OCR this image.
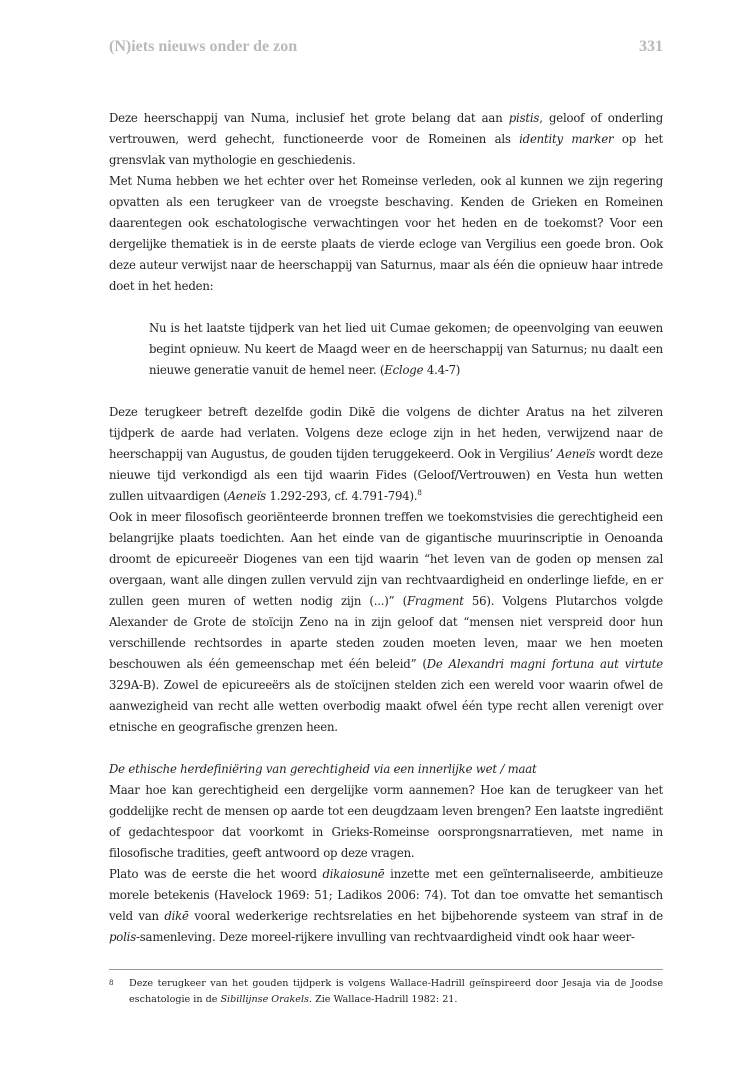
(N)iets nieuws onder de zon	331

Deze heerschappij van Numa, inclusief het grote belang dat aan pistis, geloof of onderling vertrouwen, werd gehecht, functioneerde voor de Romeinen als identity marker op het grensvlak van mythologie en geschiedenis.

Met Numa hebben we het echter over het Romeinse verleden, ook al kunnen we zijn regering opvatten als een terugkeer van de vroegste beschaving. Kenden de Grieken en Romeinen daarentegen ook eschatologische verwachtingen voor het heden en de toekomst? Voor een dergelijke thematiek is in de eerste plaats de vierde ecloge van Vergilius een goede bron. Ook deze auteur verwijst naar de heerschappij van Saturnus, maar als één die opnieuw haar intrede doet in het heden:

Nu is het laatste tijdperk van het lied uit Cumae gekomen; de opeenvolging van eeuwen begint opnieuw. Nu keert de Maagd weer en de heerschappij van Saturnus; nu daalt een nieuwe generatie vanuit de hemel neer. (Ecloge 4.4-7)

Deze terugkeer betreft dezelfde godin Dikē die volgens de dichter Aratus na het zilveren tijdperk de aarde had verlaten. Volgens deze ecloge zijn in het heden, verwijzend naar de heerschappij van Augustus, de gouden tijden teruggekeerd. Ook in Vergilius’ Aeneïs wordt deze nieuwe tijd verkondigd als een tijd waarin Fides (Geloof/Vertrouwen) en Vesta hun wetten zullen uitvaardigen (Aeneïs 1.292-293, cf. 4.791-794).$^8$

Ook in meer filosofisch georiënteerde bronnen treffen we toekomstvisies die gerechtigheid een belangrijke plaats toedichten. Aan het einde van de gigantische muurinscriptie in Oenoanda droomt de epicureeër Diogenes van een tijd waarin “het leven van de goden op mensen zal overgaan, want alle dingen zullen vervuld zijn van rechtvaardigheid en onderlinge liefde, en er zullen geen muren of wetten nodig zijn (...)” (Fragment 56). Volgens Plutarchos volgde Alexander de Grote de stoïcijn Zeno na in zijn geloof dat “mensen niet verspreid door hun verschillende rechtsordes in aparte steden zouden moeten leven, maar we hen moeten beschouwen als één gemeenschap met één beleid” (De Alexandri magni fortuna aut virtute 329A-B). Zowel de epicureeërs als de stoïcijnen stelden zich een wereld voor waarin ofwel de aanwezigheid van recht alle wetten overbodig maakt ofwel één type recht allen verenigt over etnische en geografische grenzen heen.

De ethische herdefiniëring van gerechtigheid via een innerlijke wet / maat

Maar hoe kan gerechtigheid een dergelijke vorm aannemen? Hoe kan de terugkeer van het goddelijke recht de mensen op aarde tot een deugdzaam leven brengen? Een laatste ingrediënt of gedachtespoor dat voorkomt in Grieks-Romeinse oorsprongsnarratieven, met name in filosofische tradities, geeft antwoord op deze vragen.

Plato was de eerste die het woord dikaiosunē inzette met een geïnternaliseerde, ambitieuze morele betekenis (Havelock 1969: 51; Ladikos 2006: 74). Tot dan toe omvatte het semantisch veld van dikē vooral wederkerige rechtsrelaties en het bijbehorende systeem van straf in de polis-samenleving. Deze moreel-rijkere invulling van rechtvaardigheid vindt ook haar weer-

8 Deze terugkeer van het gouden tijdperk is volgens Wallace-Hadrill geïnspireerd door Jesaja via de Joodse eschatologie in de Sibillijnse Orakels. Zie Wallace-Hadrill 1982: 21.
